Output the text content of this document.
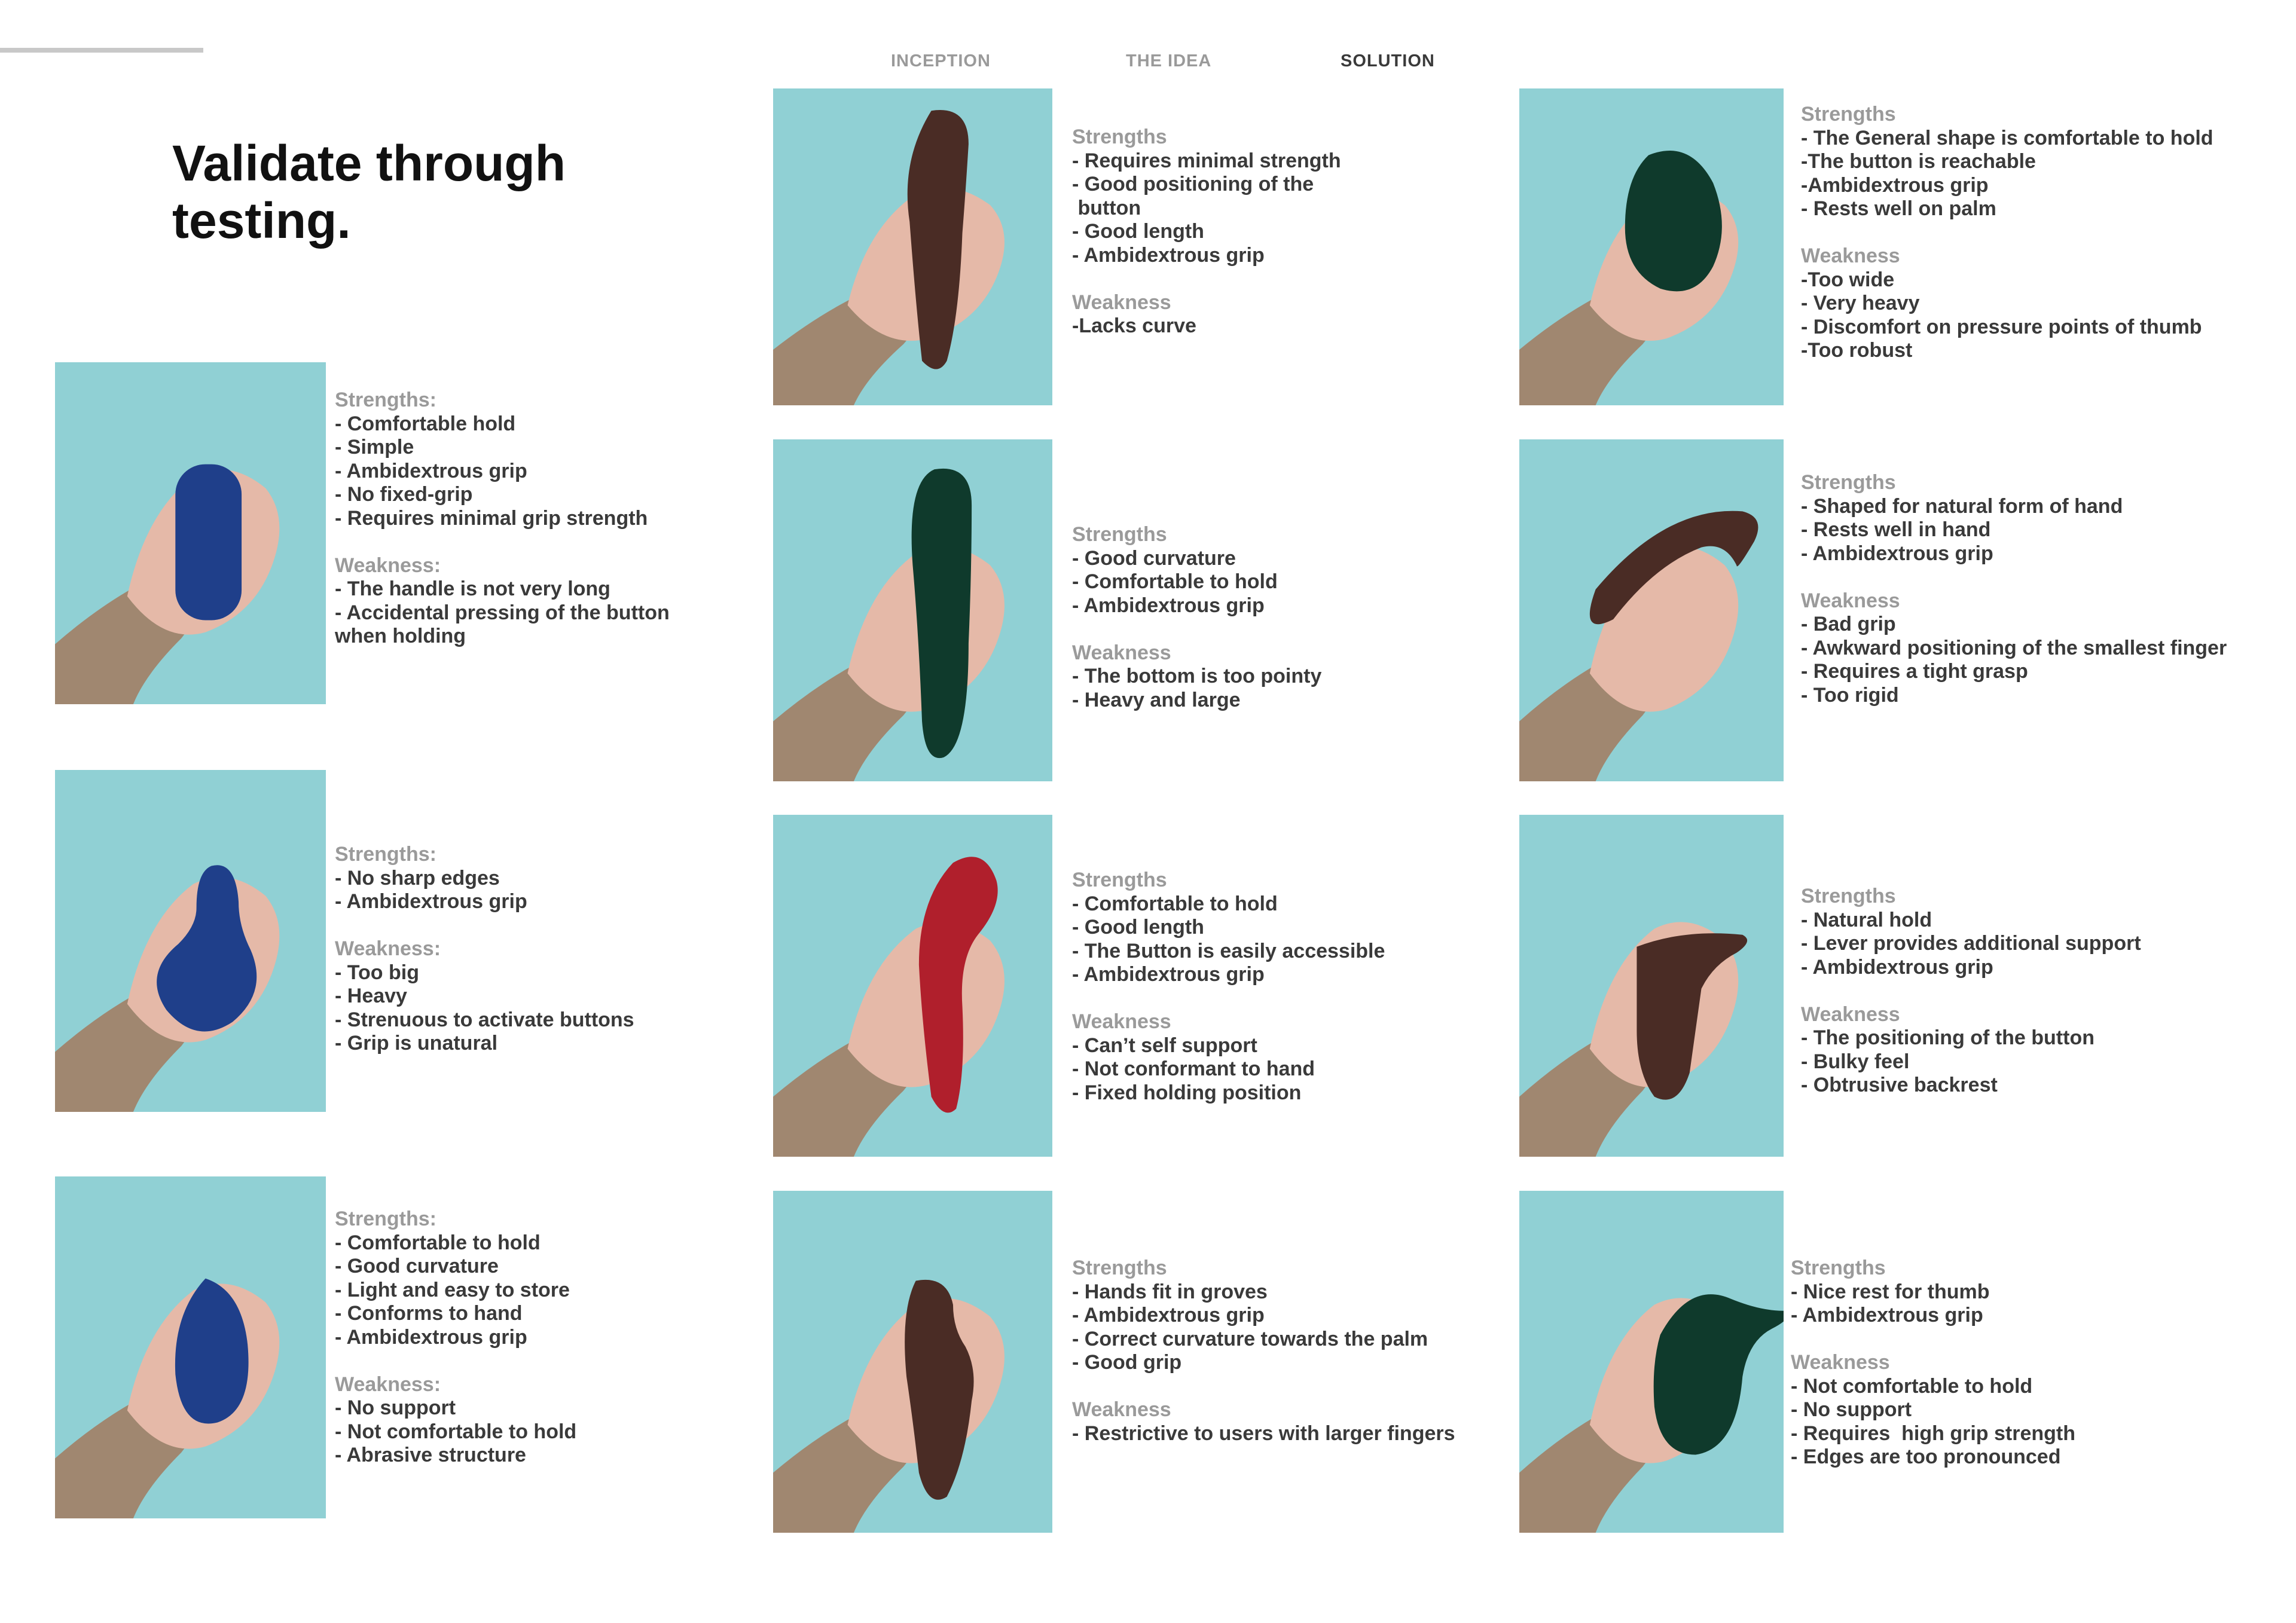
INCEPTION	THE IDEA	SOLUTION
Validate through
testing.
Strengths:
- Comfortable hold
- Simple
- Ambidextrous grip
- No fixed-grip
- Requires minimal grip strength
Weakness:
- The handle is not very long
- Accidental pressing of the button
when holding
Strengths:
- No sharp edges
- Ambidextrous grip
Weakness:
- Too big
- Heavy
- Strenuous to activate buttons
- Grip is unatural
Strengths:
- Comfortable to hold
- Good curvature
- Light and easy to store
- Conforms to hand
- Ambidextrous grip
Weakness:
- No support
- Not comfortable to hold
- Abrasive structure
Strengths
- Requires minimal strength
- Good positioning of the
button
- Good length
- Ambidextrous grip
Weakness
-Lacks curve
Strengths
- Good curvature
- Comfortable to hold
- Ambidextrous grip
Weakness
- The bottom is too pointy
- Heavy and large
Strengths
- Comfortable to hold
- Good length
- The Button is easily accessible
- Ambidextrous grip
Weakness
- Can’t self support
- Not conformant to hand
- Fixed holding position
Strengths
- Hands fit in groves
- Ambidextrous grip
- Correct curvature towards the palm
- Good grip
Weakness
- Restrictive to users with larger fingers
Strengths
- The General shape is comfortable to hold
-The button is reachable
-Ambidextrous grip
- Rests well on palm
Weakness
-Too wide
- Very heavy
- Discomfort on pressure points of thumb
-Too robust
Strengths
- Shaped for natural form of hand
- Rests well in hand
- Ambidextrous grip
Weakness
- Bad grip
- Awkward positioning of the smallest finger
- Requires a tight grasp
- Too rigid
Strengths
- Natural hold
- Lever provides additional support
- Ambidextrous grip
Weakness
- The positioning of the button
- Bulky feel
- Obtrusive backrest
Strengths
- Nice rest for thumb
- Ambidextrous grip
Weakness
- Not comfortable to hold
- No support
- Requires  high grip strength
- Edges are too pronounced
